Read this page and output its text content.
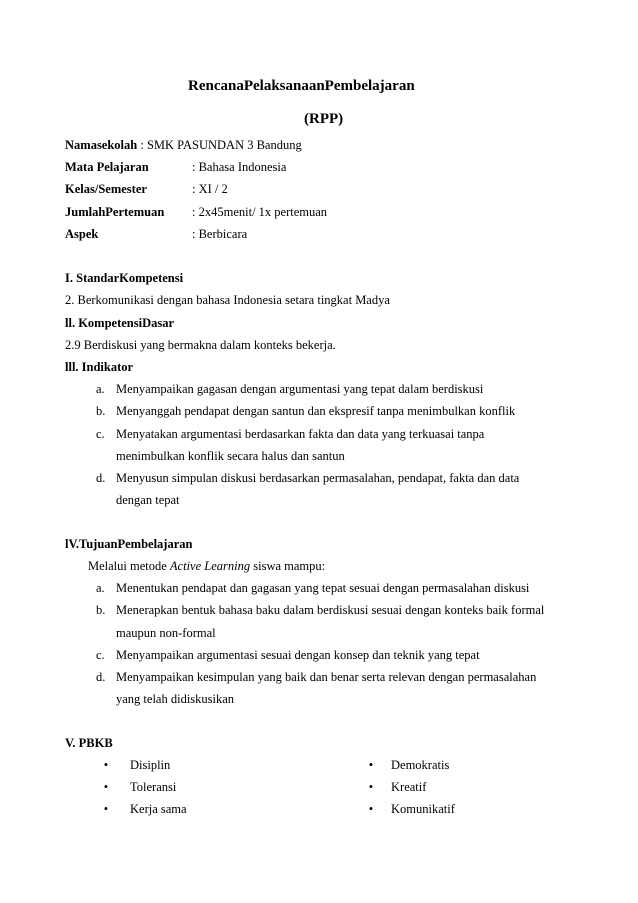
RencanaPelaksanaanPembelajaran
(RPP)
Namasekolah : SMK PASUNDAN 3 Bandung
Mata Pelajaran	: Bahasa Indonesia
Kelas/Semester	: XI / 2
JumlahPertemuan : 2x45menit/ 1x pertemuan
Aspek	: Berbicara
I. StandarKompetensi
2. Berkomunikasi dengan bahasa Indonesia setara tingkat Madya
ll. KompetensiDasar
2.9 Berdiskusi yang bermakna dalam konteks bekerja.
lll. Indikator
a. Menyampaikan gagasan dengan argumentasi yang tepat dalam berdiskusi
b. Menyanggah pendapat dengan santun dan ekspresif tanpa menimbulkan konflik
c. Menyatakan argumentasi berdasarkan fakta dan data yang terkuasai tanpa
menimbulkan konflik secara halus dan santun
d. Menyusun simpulan diskusi berdasarkan permasalahan, pendapat, fakta dan data
dengan tepat
lV.TujuanPembelajaran
Melalui metode Active Learning siswa mampu:
a. Menentukan pendapat dan gagasan yang tepat sesuai dengan permasalahan diskusi
b. Menerapkan bentuk bahasa baku dalam berdiskusi sesuai dengan konteks baik formal
maupun non-formal
c. Menyampaikan argumentasi sesuai dengan konsep dan teknik yang tepat
d. Menyampaikan kesimpulan yang baik dan benar serta relevan dengan permasalahan
yang telah didiskusikan
V. PBKB
• Disiplin	• Demokratis
• Toleransi	• Kreatif
• Kerja sama	• Komunikatif
